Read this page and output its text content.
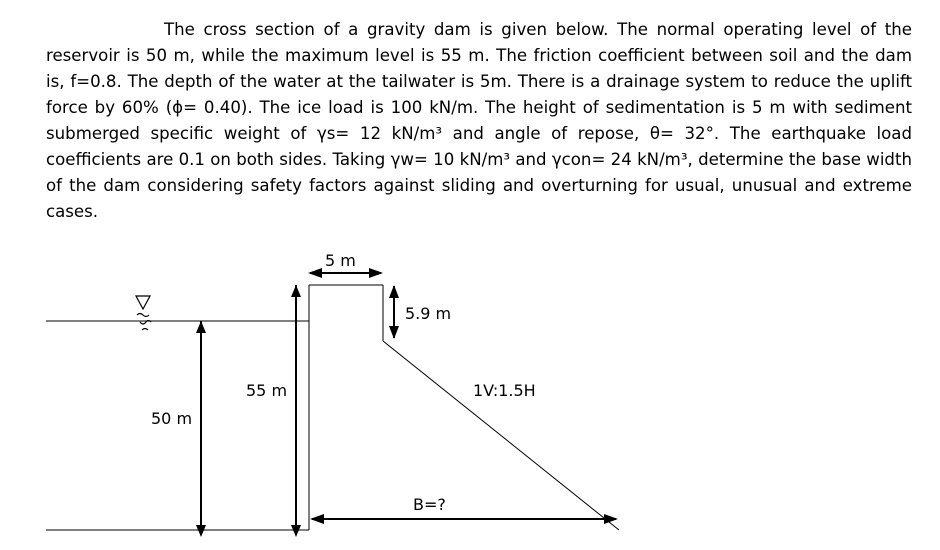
The cross section of a gravity dam is given below. The normal operating level of the reservoir is 50 m, while the maximum level is 55 m. The friction coefficient between soil and the dam is, f=0.8. The depth of the water at the tailwater is 5m. There is a drainage system to reduce the uplift force by 60% (ϕ= 0.40). The ice load is 100 kN/m. The height of sedimentation is 5 m with sediment submerged specific weight of γs= 12 kN/m³ and angle of repose, θ= 32°. The earthquake load coefficients are 0.1 on both sides. Taking γw= 10 kN/m³ and γcon= 24 kN/m³, determine the base width of the dam considering safety factors against sliding and overturning for usual, unusual and extreme cases.

50 m
55 m
5 m
5.9 m
1V:1.5H
B=?
